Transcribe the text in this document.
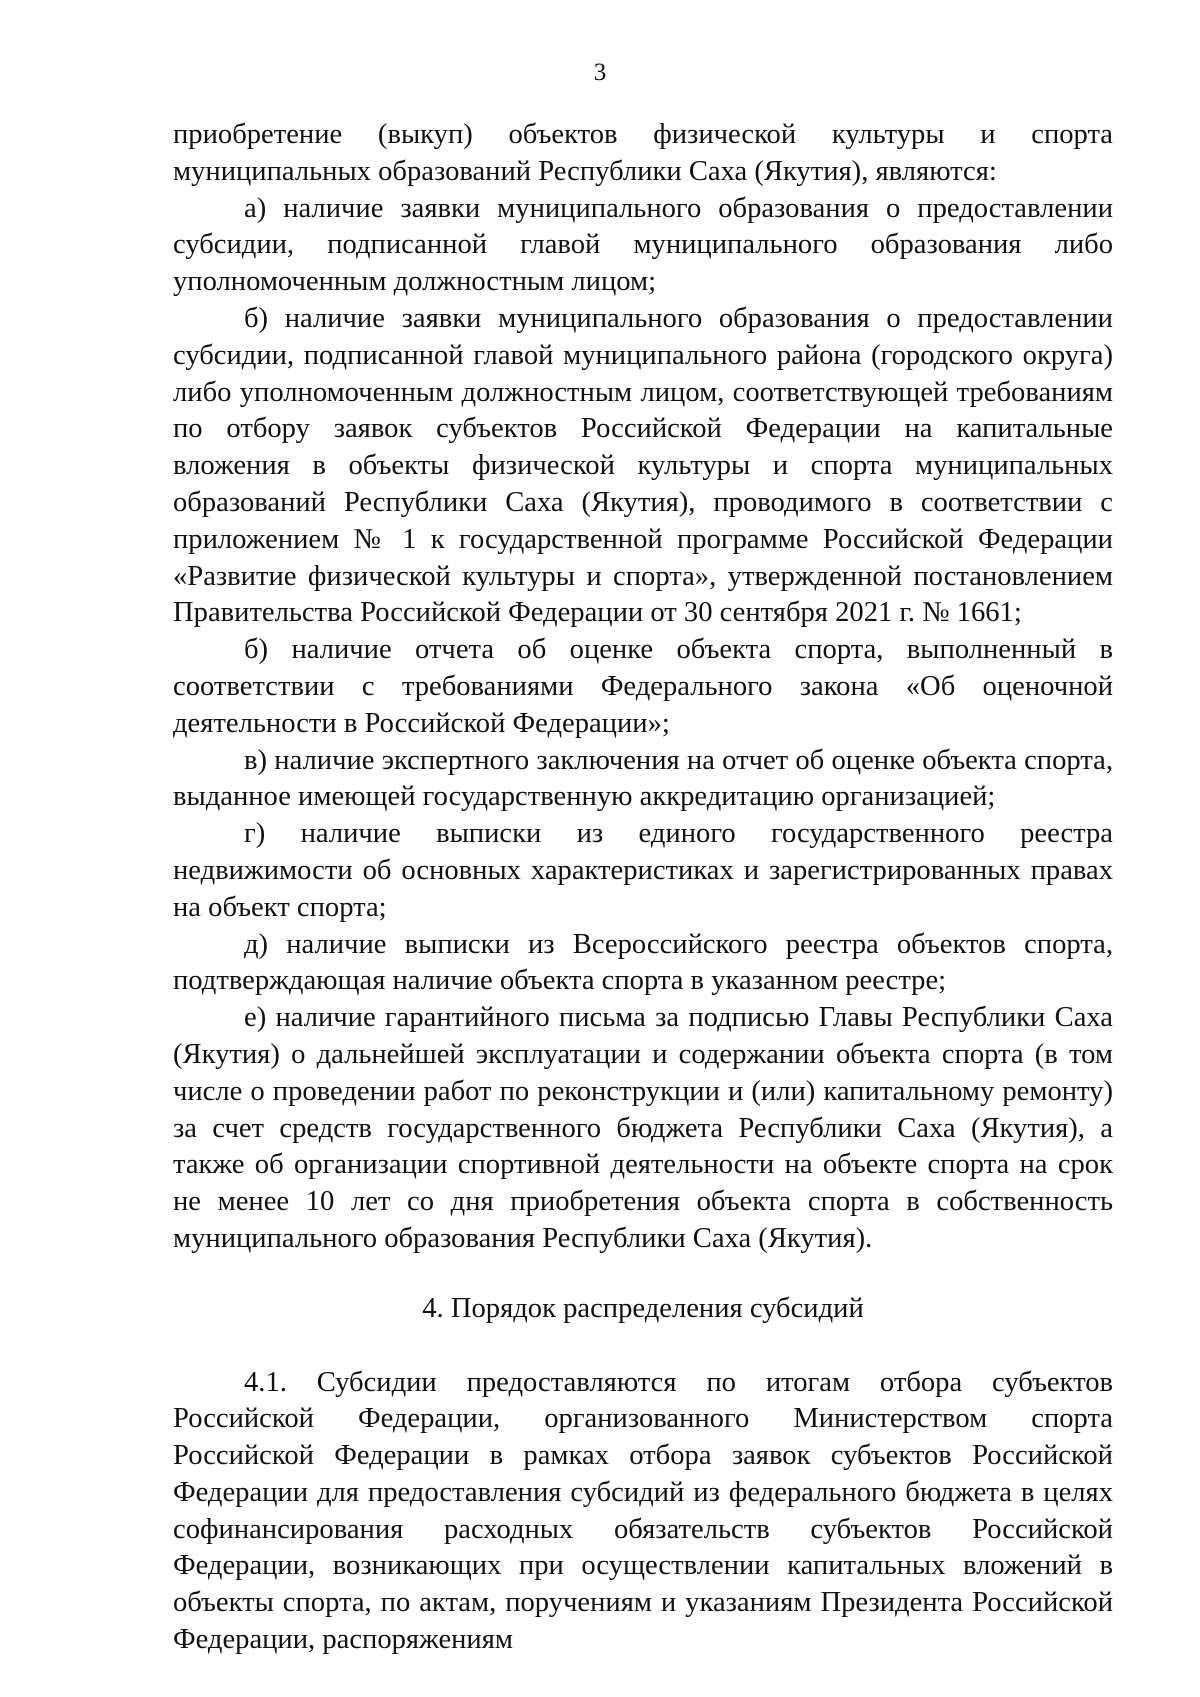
3

приобретение (выкуп) объектов физической культуры и спорта муниципальных образований Республики Саха (Якутия), являются:

а) наличие заявки муниципального образования о предоставлении субсидии, подписанной главой муниципального образования либо уполномоченным должностным лицом;

б) наличие заявки муниципального образования о предоставлении субсидии, подписанной главой муниципального района (городского округа) либо уполномоченным должностным лицом, соответствующей требованиям по отбору заявок субъектов Российской Федерации на капитальные вложения в объекты физической культуры и спорта муниципальных образований Республики Саха (Якутия), проводимого в соответствии с приложением № 1 к государственной программе Российской Федерации «Развитие физической культуры и спорта», утвержденной постановлением Правительства Российской Федерации от 30 сентября 2021 г. № 1661;

б) наличие отчета об оценке объекта спорта, выполненный в соответствии с требованиями Федерального закона «Об оценочной деятельности в Российской Федерации»;

в) наличие экспертного заключения на отчет об оценке объекта спорта, выданное имеющей государственную аккредитацию организацией;

г) наличие выписки из единого государственного реестра недвижимости об основных характеристиках и зарегистрированных правах на объект спорта;

д) наличие выписки из Всероссийского реестра объектов спорта, подтверждающая наличие объекта спорта в указанном реестре;

е) наличие гарантийного письма за подписью Главы Республики Саха (Якутия) о дальнейшей эксплуатации и содержании объекта спорта (в том числе о проведении работ по реконструкции и (или) капитальному ремонту) за счет средств государственного бюджета Республики Саха (Якутия), а также об организации спортивной деятельности на объекте спорта на срок не менее 10 лет со дня приобретения объекта спорта в собственность муниципального образования Республики Саха (Якутия).

4. Порядок распределения субсидий

4.1. Субсидии предоставляются по итогам отбора субъектов Российской Федерации, организованного Министерством спорта Российской Федерации в рамках отбора заявок субъектов Российской Федерации для предоставления субсидий из федерального бюджета в целях софинансирования расходных обязательств субъектов Российской Федерации, возникающих при осуществлении капитальных вложений в объекты спорта, по актам, поручениям и указаниям Президента Российской Федерации, распоряжениям
